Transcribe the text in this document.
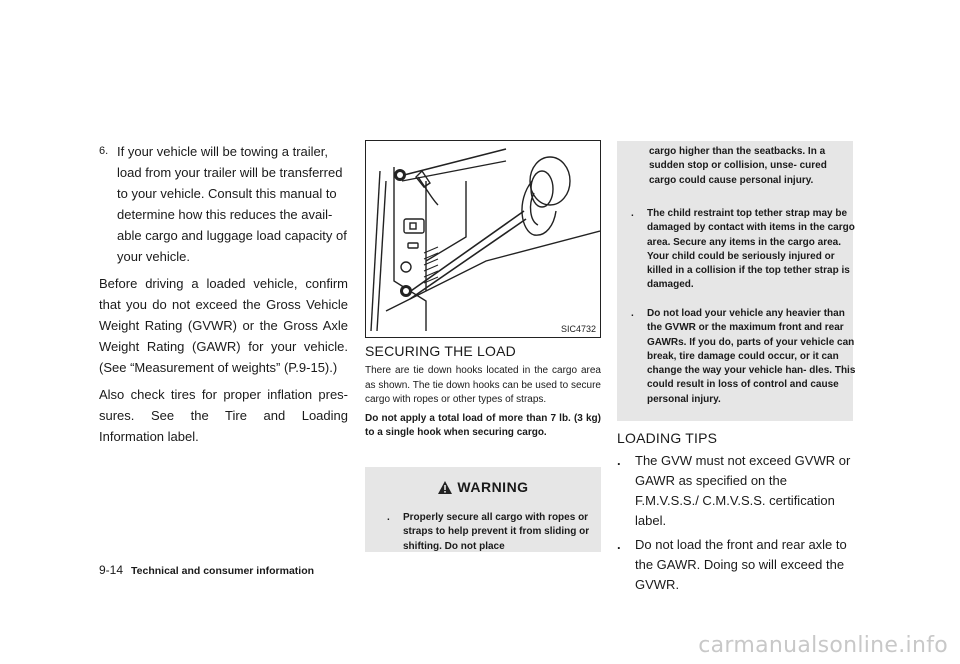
6. If your vehicle will be towing a trailer, load from your trailer will be transferred to your vehicle. Consult this manual to determine how this reduces the avail- able cargo and luggage load capacity of your vehicle.

Before driving a loaded vehicle, confirm that you do not exceed the Gross Vehicle Weight Rating (GVWR) or the Gross Axle Weight Rating (GAWR) for your vehicle. (See “Measurement of weights” (P.9-15).)

Also check tires for proper inflation pres- sures. See the Tire and Loading Information label.

SIC4732
SECURING THE LOAD

There are tie down hooks located in the cargo area as shown. The tie down hooks can be used to secure cargo with ropes or other types of straps.

Do not apply a total load of more than 7 lb. (3 kg) to a single hook when securing cargo.

WARNING
. Properly secure all cargo with ropes or straps to help prevent it from sliding or shifting. Do not place
cargo higher than the seatbacks. In a sudden stop or collision, unse- cured cargo could cause personal injury.
. The child restraint top tether strap may be damaged by contact with items in the cargo area. Secure any items in the cargo area. Your child could be seriously injured or killed in a collision if the top tether strap is damaged.
. Do not load your vehicle any heavier than the GVWR or the maximum front and rear GAWRs. If you do, parts of your vehicle can break, tire damage could occur, or it can change the way your vehicle han- dles. This could result in loss of control and cause personal injury.
LOADING TIPS
. The GVW must not exceed GVWR or GAWR as specified on the F.M.V.S.S./ C.M.V.S.S. certification label.
. Do not load the front and rear axle to the GAWR. Doing so will exceed the GVWR.
9-14 Technical and consumer information
carmanualsonline.info
